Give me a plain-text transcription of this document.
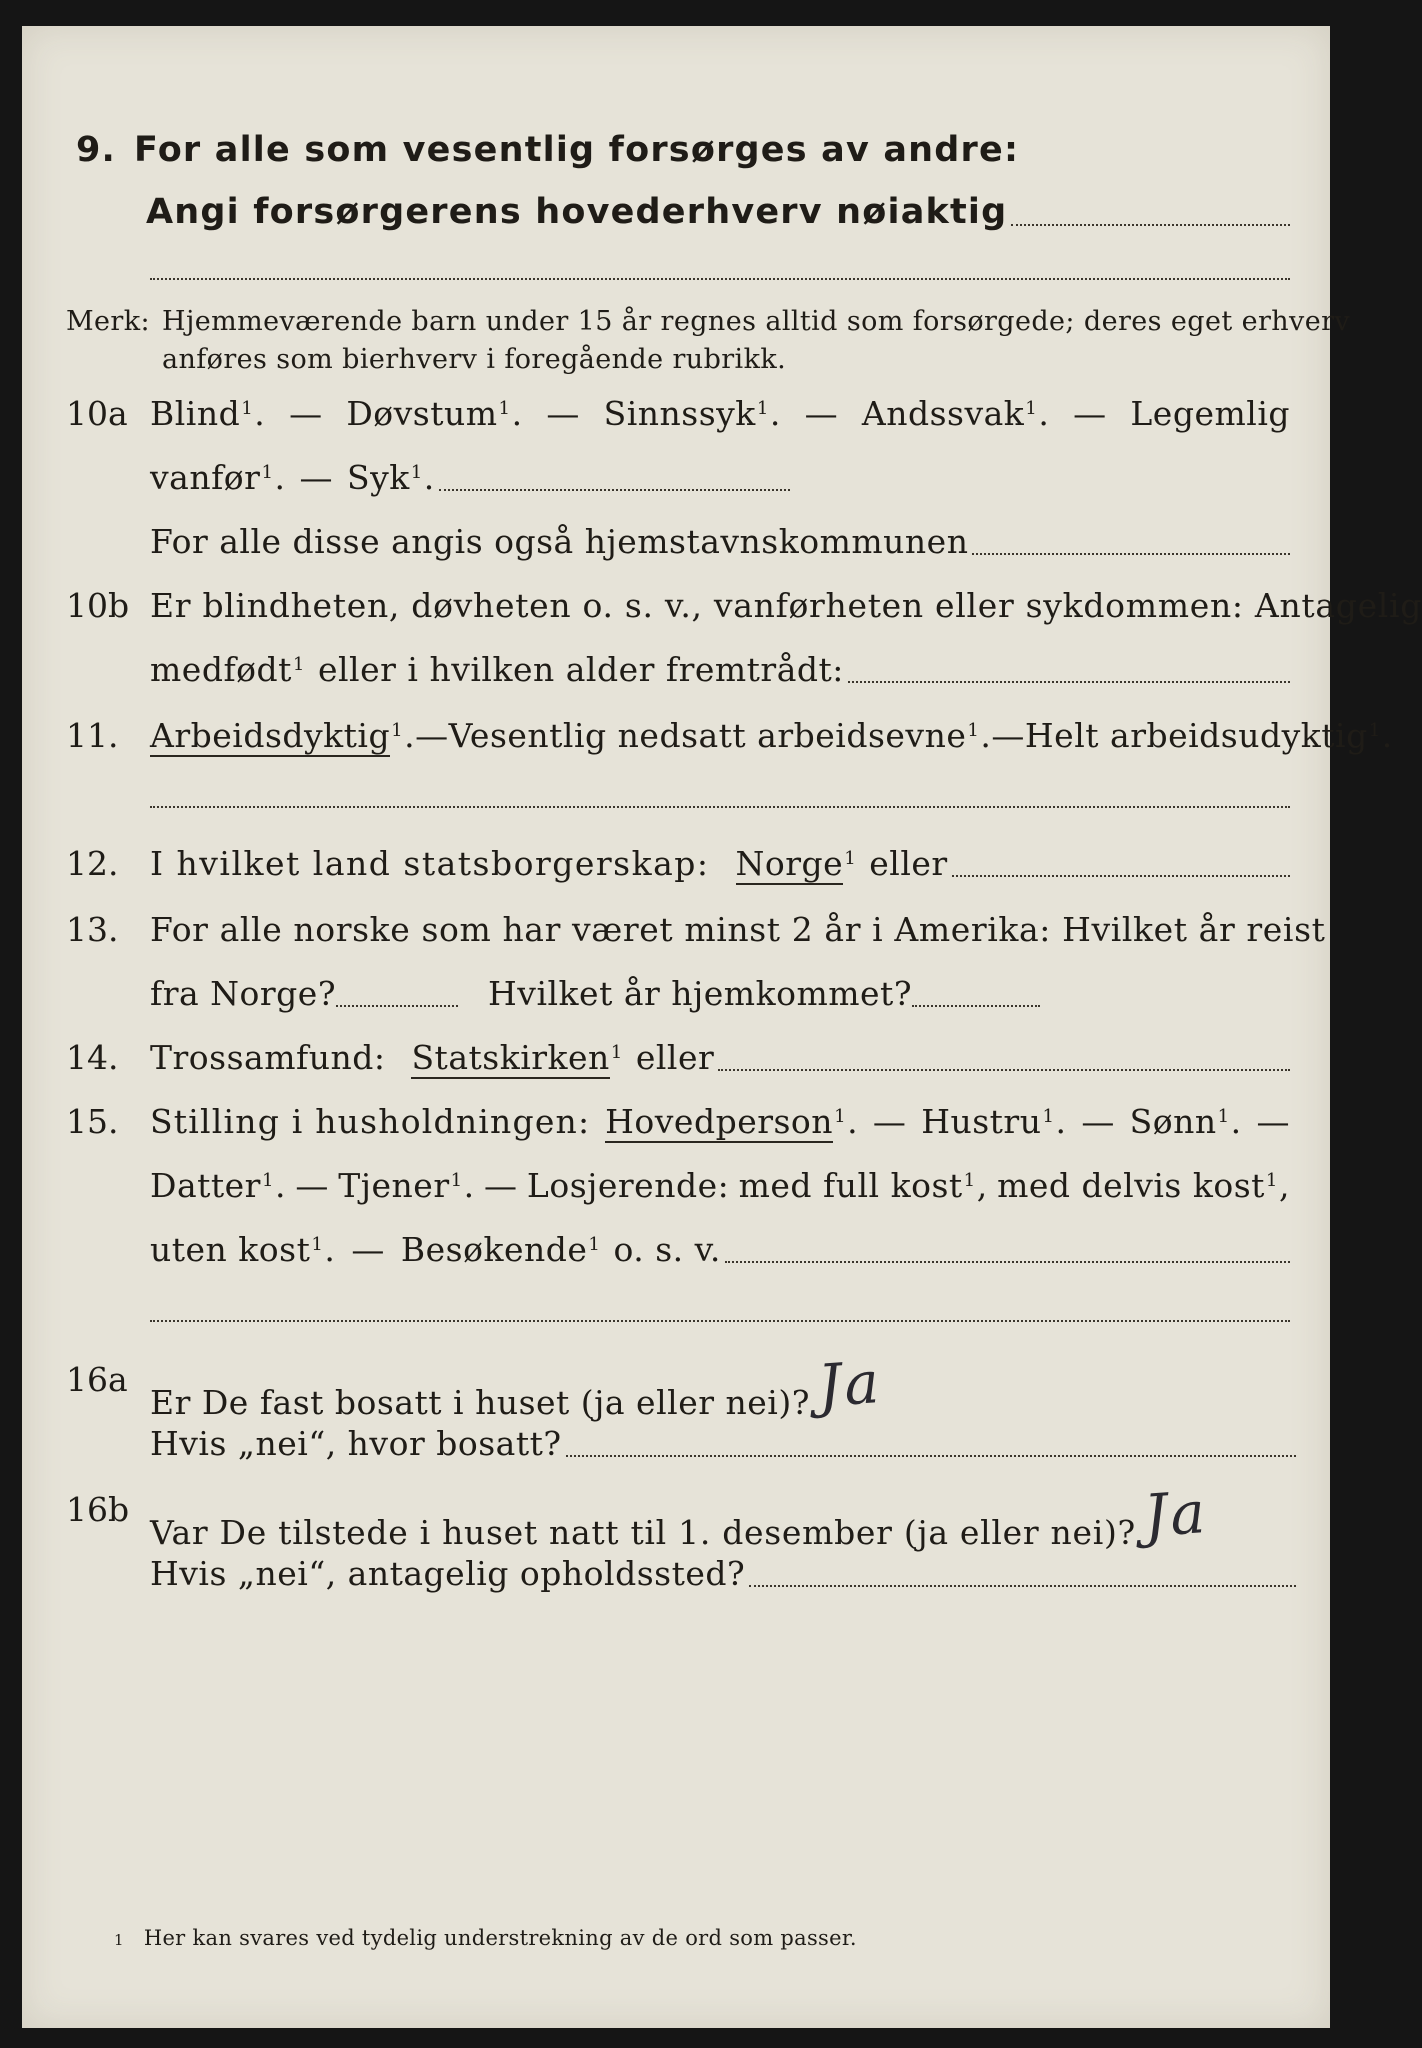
9. For alle som vesentlig forsørges av andre:
Angi forsørgerens hovederhverv nøiaktig
Merk: Hjemmeværende barn under 15 år regnes alltid som forsørgede; deres eget erhverv
anføres som bierhverv i foregående rubrikk.
10a Blind$^1$. — Døvstum$^1$. — Sinnssyk$^1$. — Andssvak$^1$. — Legemlig
vanfør$^1$. — Syk$^1$.
For alle disse angis også hjemstavnskommunen
10b Er blindheten, døvheten o. s. v., vanførheten eller sykdommen: Antagelig
medfødt$^1$ eller i hvilken alder fremtrådt:
11. Arbeidsdyktig$^1$. — Vesentlig nedsatt arbeidsevne$^1$. — Helt arbeidsudyktig$^1$.
12. I hvilket land statsborgerskap: Norge$^1$ eller
13. For alle norske som har været minst 2 år i Amerika: Hvilket år reist
fra Norge?	Hvilket år hjemkommet?
14. Trossamfund: Statskirken$^1$ eller
15. Stilling i husholdningen: Hovedperson$^1$. — Hustru$^1$. — Sønn$^1$. —
Datter$^1$. — Tjener$^1$. — Losjerende: med full kost$^1$, med delvis kost$^1$,
uten kost$^1$. — Besøkende$^1$ o. s. v.
16a
Er De fast bosatt i huset (ja eller nei)? Ja
Hvis „nei“, hvor bosatt?
16b
Var De tilstede i huset natt til 1. desember (ja eller nei)? Ja
Hvis „nei“, antagelig opholdssted?
1 Her kan svares ved tydelig understrekning av de ord som passer.
